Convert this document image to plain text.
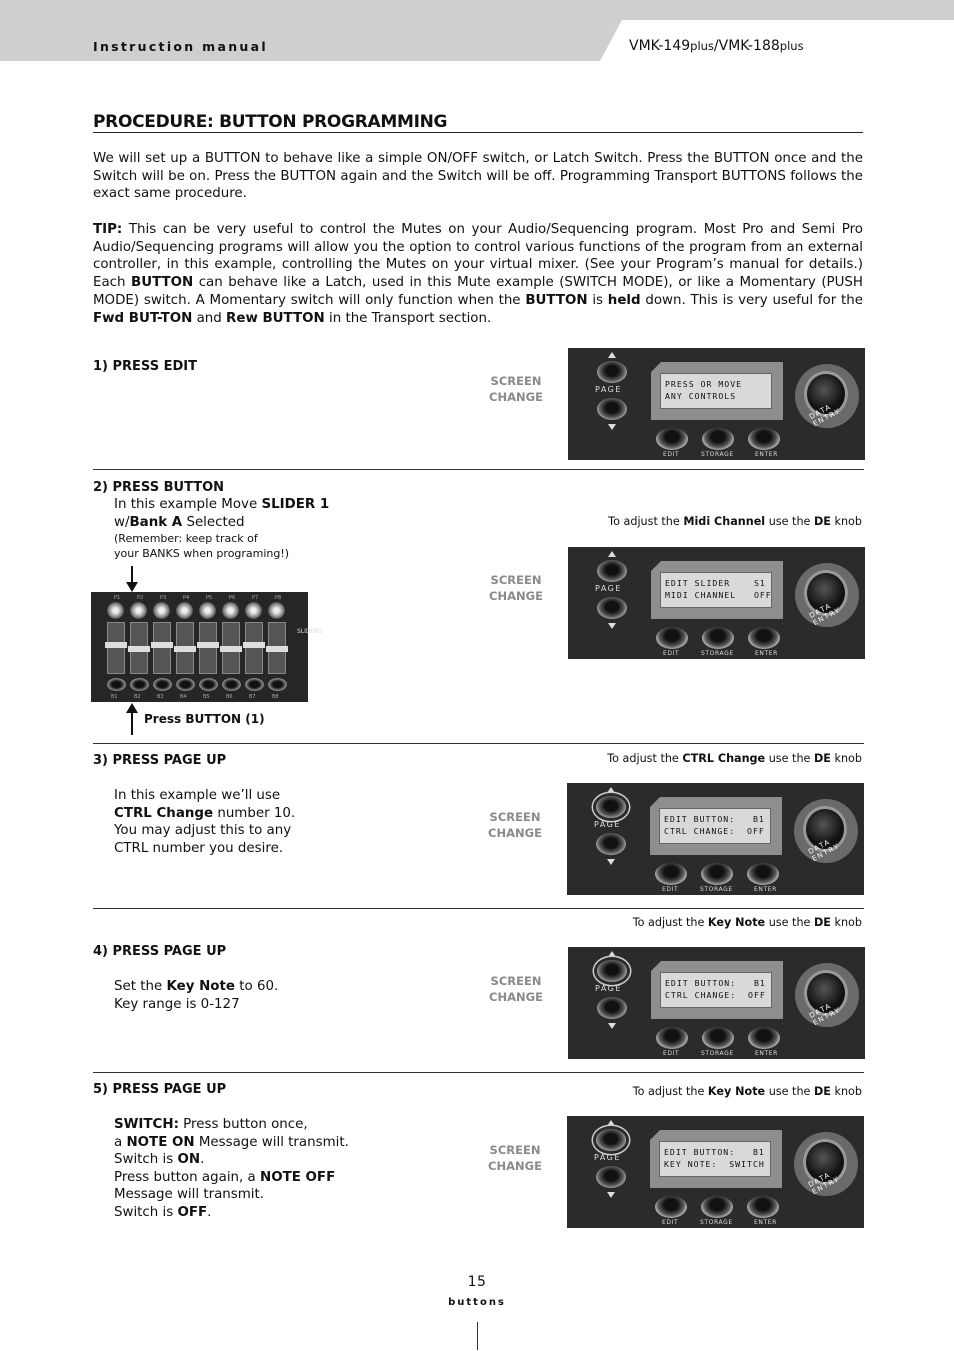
Instruction manual	VMK-149plus/VMK-188plus
PROCEDURE: BUTTON PROGRAMMING
We will set up a BUTTON to behave like a simple ON/OFF switch, or Latch Switch. Press the BUTTON once and the Switch will be on. Press the BUTTON again and the Switch will be off. Programming Transport BUTTONS follows the exact same procedure.
TIP: This can be very useful to control the Mutes on your Audio/Sequencing program. Most Pro and Semi Pro Audio/Sequencing programs will allow you the option to control various functions of the program from an external controller, in this example, controlling the Mutes on your virtual mixer. (See your Program’s manual for details.) Each BUTTON can behave like a Latch, used in this Mute example (SWITCH MODE), or like a Momentary (PUSH MODE) switch. A Momentary switch will only function when the BUTTON is held down. This is very useful for the Fwd BUT-TON and Rew BUTTON in the Transport section.
1) PRESS EDIT
SCREEN
CHANGE	PAGE
PRESS OR MOVE
ANY CONTROLS
DATA ENTRY
EDIT	STORAGE	ENTER
2) PRESS BUTTON
In this example Move SLIDER 1
w/Bank A Selected
(Remember: keep track of
your BANKS when programing!)
To adjust the Midi Channel use the DE knob
P1
B1
P2
B2
P3
B3
P4
B4
P5
B5
P6
B6
P7
B7
P8
B8
SLIDERS
Press BUTTON (1)
SCREEN
CHANGE	PAGE
EDIT SLIDER    S1
MIDI CHANNEL   OFF
DATA ENTRY
EDIT	STORAGE	ENTER
3) PRESS PAGE UP	To adjust the CTRL Change use the DE knob
In this example we’ll use
CTRL Change number 10.
You may adjust this to any
CTRL number you desire.
SCREEN
CHANGE
PAGE
EDIT BUTTON:   B1
CTRL CHANGE:  OFF
DATA ENTRY
EDIT	STORAGE	ENTER
To adjust the Key Note use the DE knob
4) PRESS PAGE UP
Set the Key Note to 60.
Key range is 0-127
SCREEN
CHANGE
PAGE
EDIT BUTTON:   B1
CTRL CHANGE:  OFF
DATA ENTRY
EDIT	STORAGE	ENTER
5) PRESS PAGE UP	To adjust the Key Note use the DE knob
SWITCH: Press button once,
a NOTE ON Message will transmit.
Switch is ON.
Press button again, a NOTE OFF
Message will transmit.
Switch is OFF.
SCREEN
CHANGE
PAGE
EDIT BUTTON:   B1
KEY NOTE:  SWITCH
DATA ENTRY
EDIT	STORAGE	ENTER
15
buttons
